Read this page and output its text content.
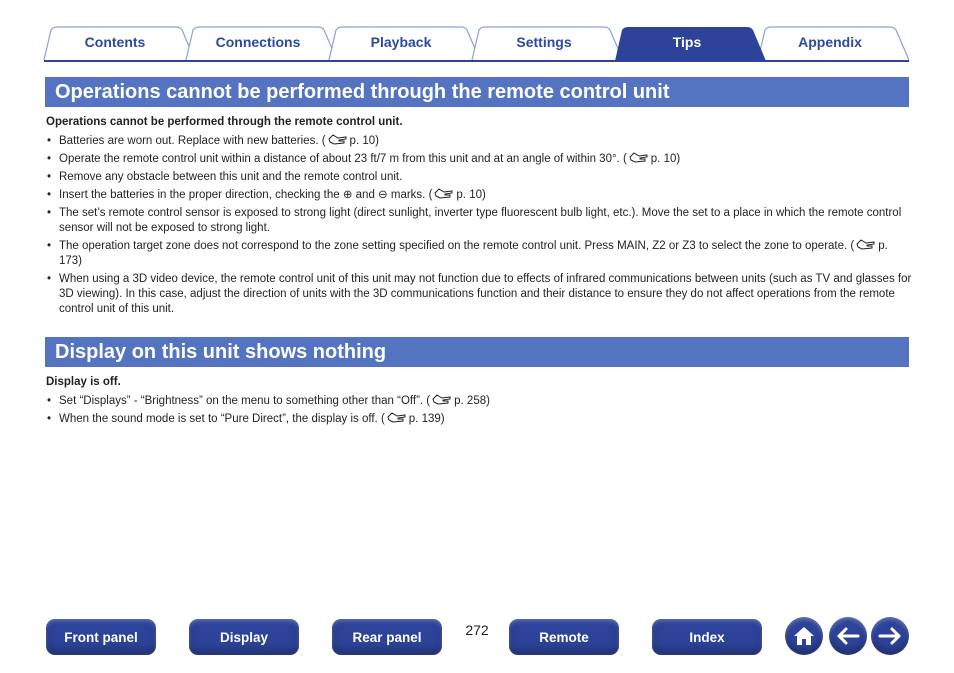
Contents	Connections	Playback	Settings	Tips	Appendix
Operations cannot be performed through the remote control unit
Operations cannot be performed through the remote control unit.
• Batteries are worn out. Replace with new batteries. ( p. 10)
• Operate the remote control unit within a distance of about 23 ft/7 m from this unit and at an angle of within 30°. ( p. 10)
• Remove any obstacle between this unit and the remote control unit.
• Insert the batteries in the proper direction, checking the ⊕ and ⊖ marks. ( p. 10)
• The set’s remote control sensor is exposed to strong light (direct sunlight, inverter type fluorescent bulb light, etc.). Move the set to a place in which the remote control sensor will not be exposed to strong light.
• The operation target zone does not correspond to the zone setting specified on the remote control unit. Press MAIN, Z2 or Z3 to select the zone to operate. ( p. 173)
• When using a 3D video device, the remote control unit of this unit may not function due to effects of infrared communications between units (such as TV and glasses for 3D viewing). In this case, adjust the direction of units with the 3D communications function and their distance to ensure they do not affect operations from the remote control unit of this unit.
Display on this unit shows nothing
Display is off.
• Set “Displays” - “Brightness” on the menu to something other than “Off”. ( p. 258)
• When the sound mode is set to “Pure Direct”, the display is off. ( p. 139)
Front panel	Display	Rear panel	272	Remote	Index
